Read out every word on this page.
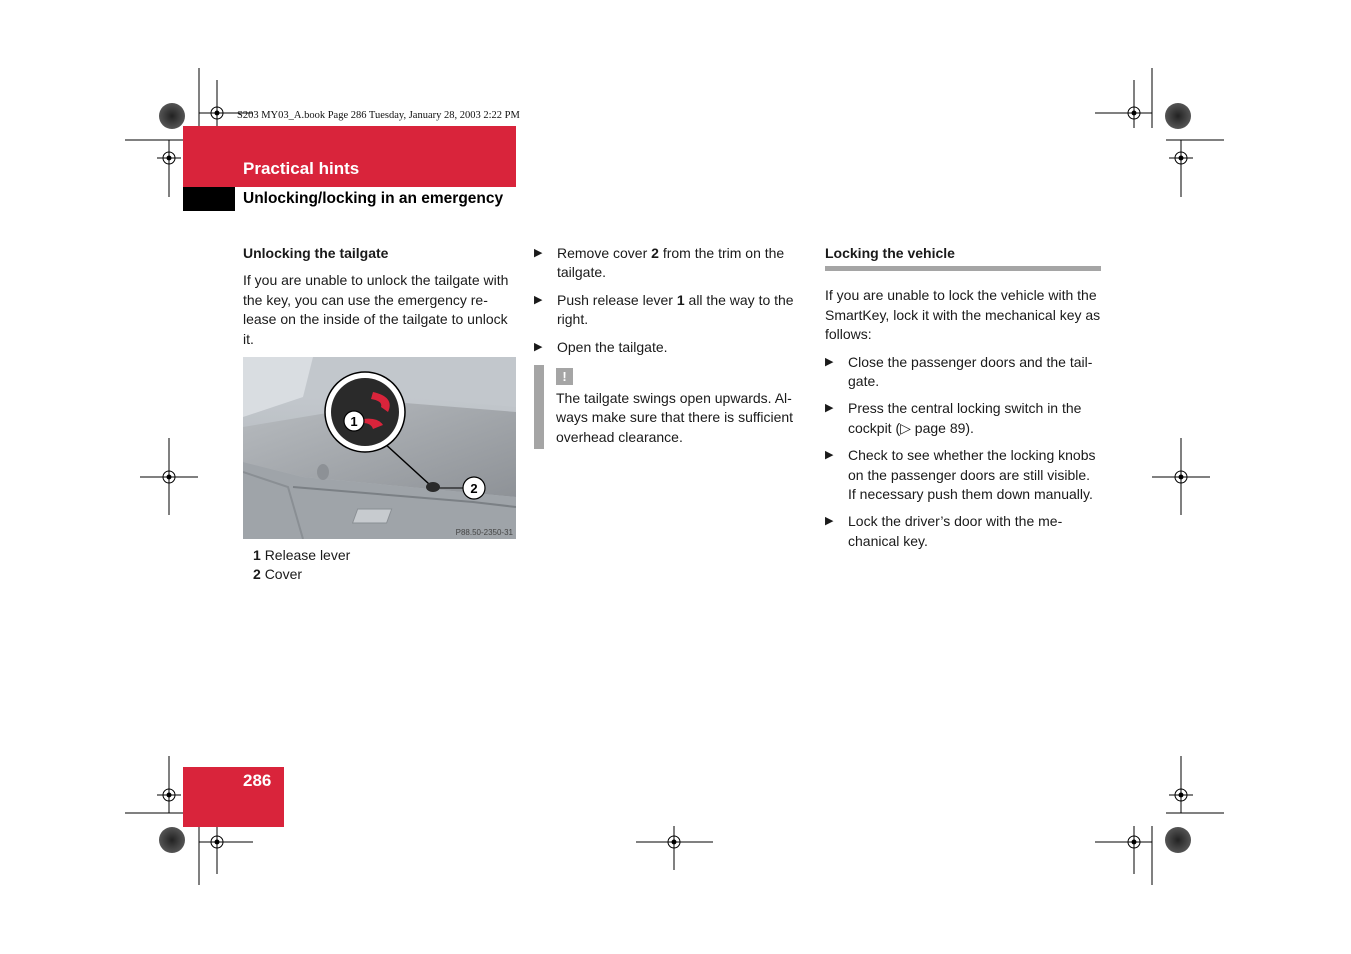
S203 MY03_A.book Page 286 Tuesday, January 28, 2003 2:22 PM
Practical hints
Unlocking/locking in an emergency
Unlocking the tailgate
If you are unable to unlock the tailgate with the key, you can use the emergency re-lease on the inside of the tailgate to unlock it.
1
2
P88.50-2350-31
1 Release lever
2 Cover
▶ Remove cover 2 from the trim on the tailgate.
▶ Push release lever 1 all the way to the right.
▶ Open the tailgate.
!
The tailgate swings open upwards. Al-ways make sure that there is sufficient overhead clearance.
Locking the vehicle
If you are unable to lock the vehicle with the SmartKey, lock it with the mechanical key as follows:
▶ Close the passenger doors and the tail-gate.
▶ Press the central locking switch in the cockpit (▷ page 89).
▶ Check to see whether the locking knobs on the passenger doors are still visible. If necessary push them down manually.
▶ Lock the driver’s door with the me-chanical key.
286
